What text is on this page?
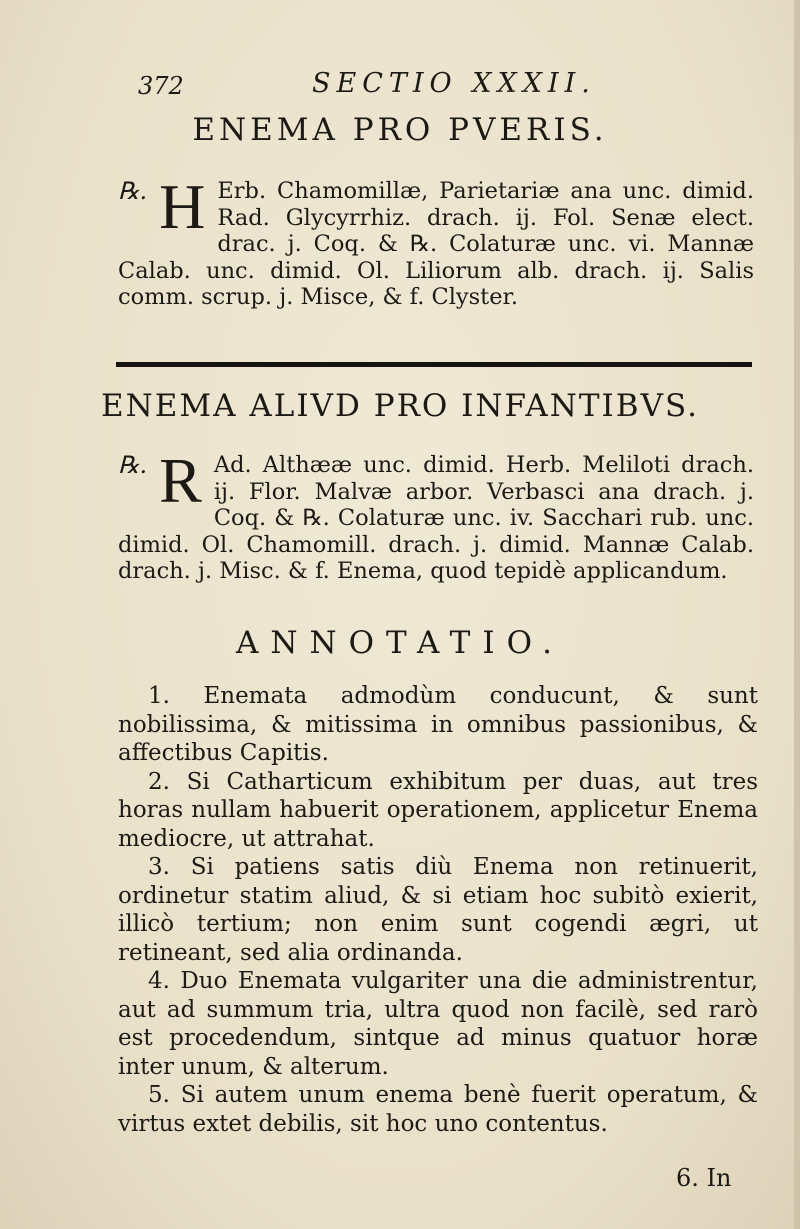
372	SECTIO XXXII.
ENEMA PRO PVERIS.
℞. H Erb. Chamomillæ, Parietariæ ana unc. dimid. Rad. Glycyrrhiz. drach. ij. Fol. Senæ elect. drac. j. Coq. & ℞. Colaturæ unc. vi. Mannæ Calab. unc. dimid. Ol. Liliorum alb. drach. ij. Salis comm. scrup. j. Misce, & f. Clyster.
ENEMA ALIVD PRO INFANTIBVS.
℞. R Ad. Althææ unc. dimid. Herb. Meliloti drach. ij. Flor. Malvæ arbor. Verbasci ana drach. j. Coq. & ℞. Colaturæ unc. iv. Sacchari rub. unc. dimid. Ol. Chamomill. drach. j. dimid. Mannæ Calab. drach. j. Misc. & f. Enema, quod tepidè applicandum.
ANNOTATIO.

1. Enemata admodùm conducunt, & sunt nobilissima, & mitissima in omnibus passionibus, & affectibus Capitis.

2. Si Catharticum exhibitum per duas, aut tres horas nullam habuerit operationem, applicetur Enema mediocre, ut attrahat.

3. Si patiens satis diù Enema non retinuerit, ordinetur statim aliud, & si etiam hoc subitò exierit, illicò tertium; non enim sunt cogendi ægri, ut retineant, sed alia ordinanda.

4. Duo Enemata vulgariter una die administrentur, aut ad summum tria, ultra quod non facilè, sed rarò est procedendum, sintque ad minus quatuor horæ inter unum, & alterum.

5. Si autem unum enema benè fuerit operatum, & virtus extet debilis, sit hoc uno contentus.

6. In
